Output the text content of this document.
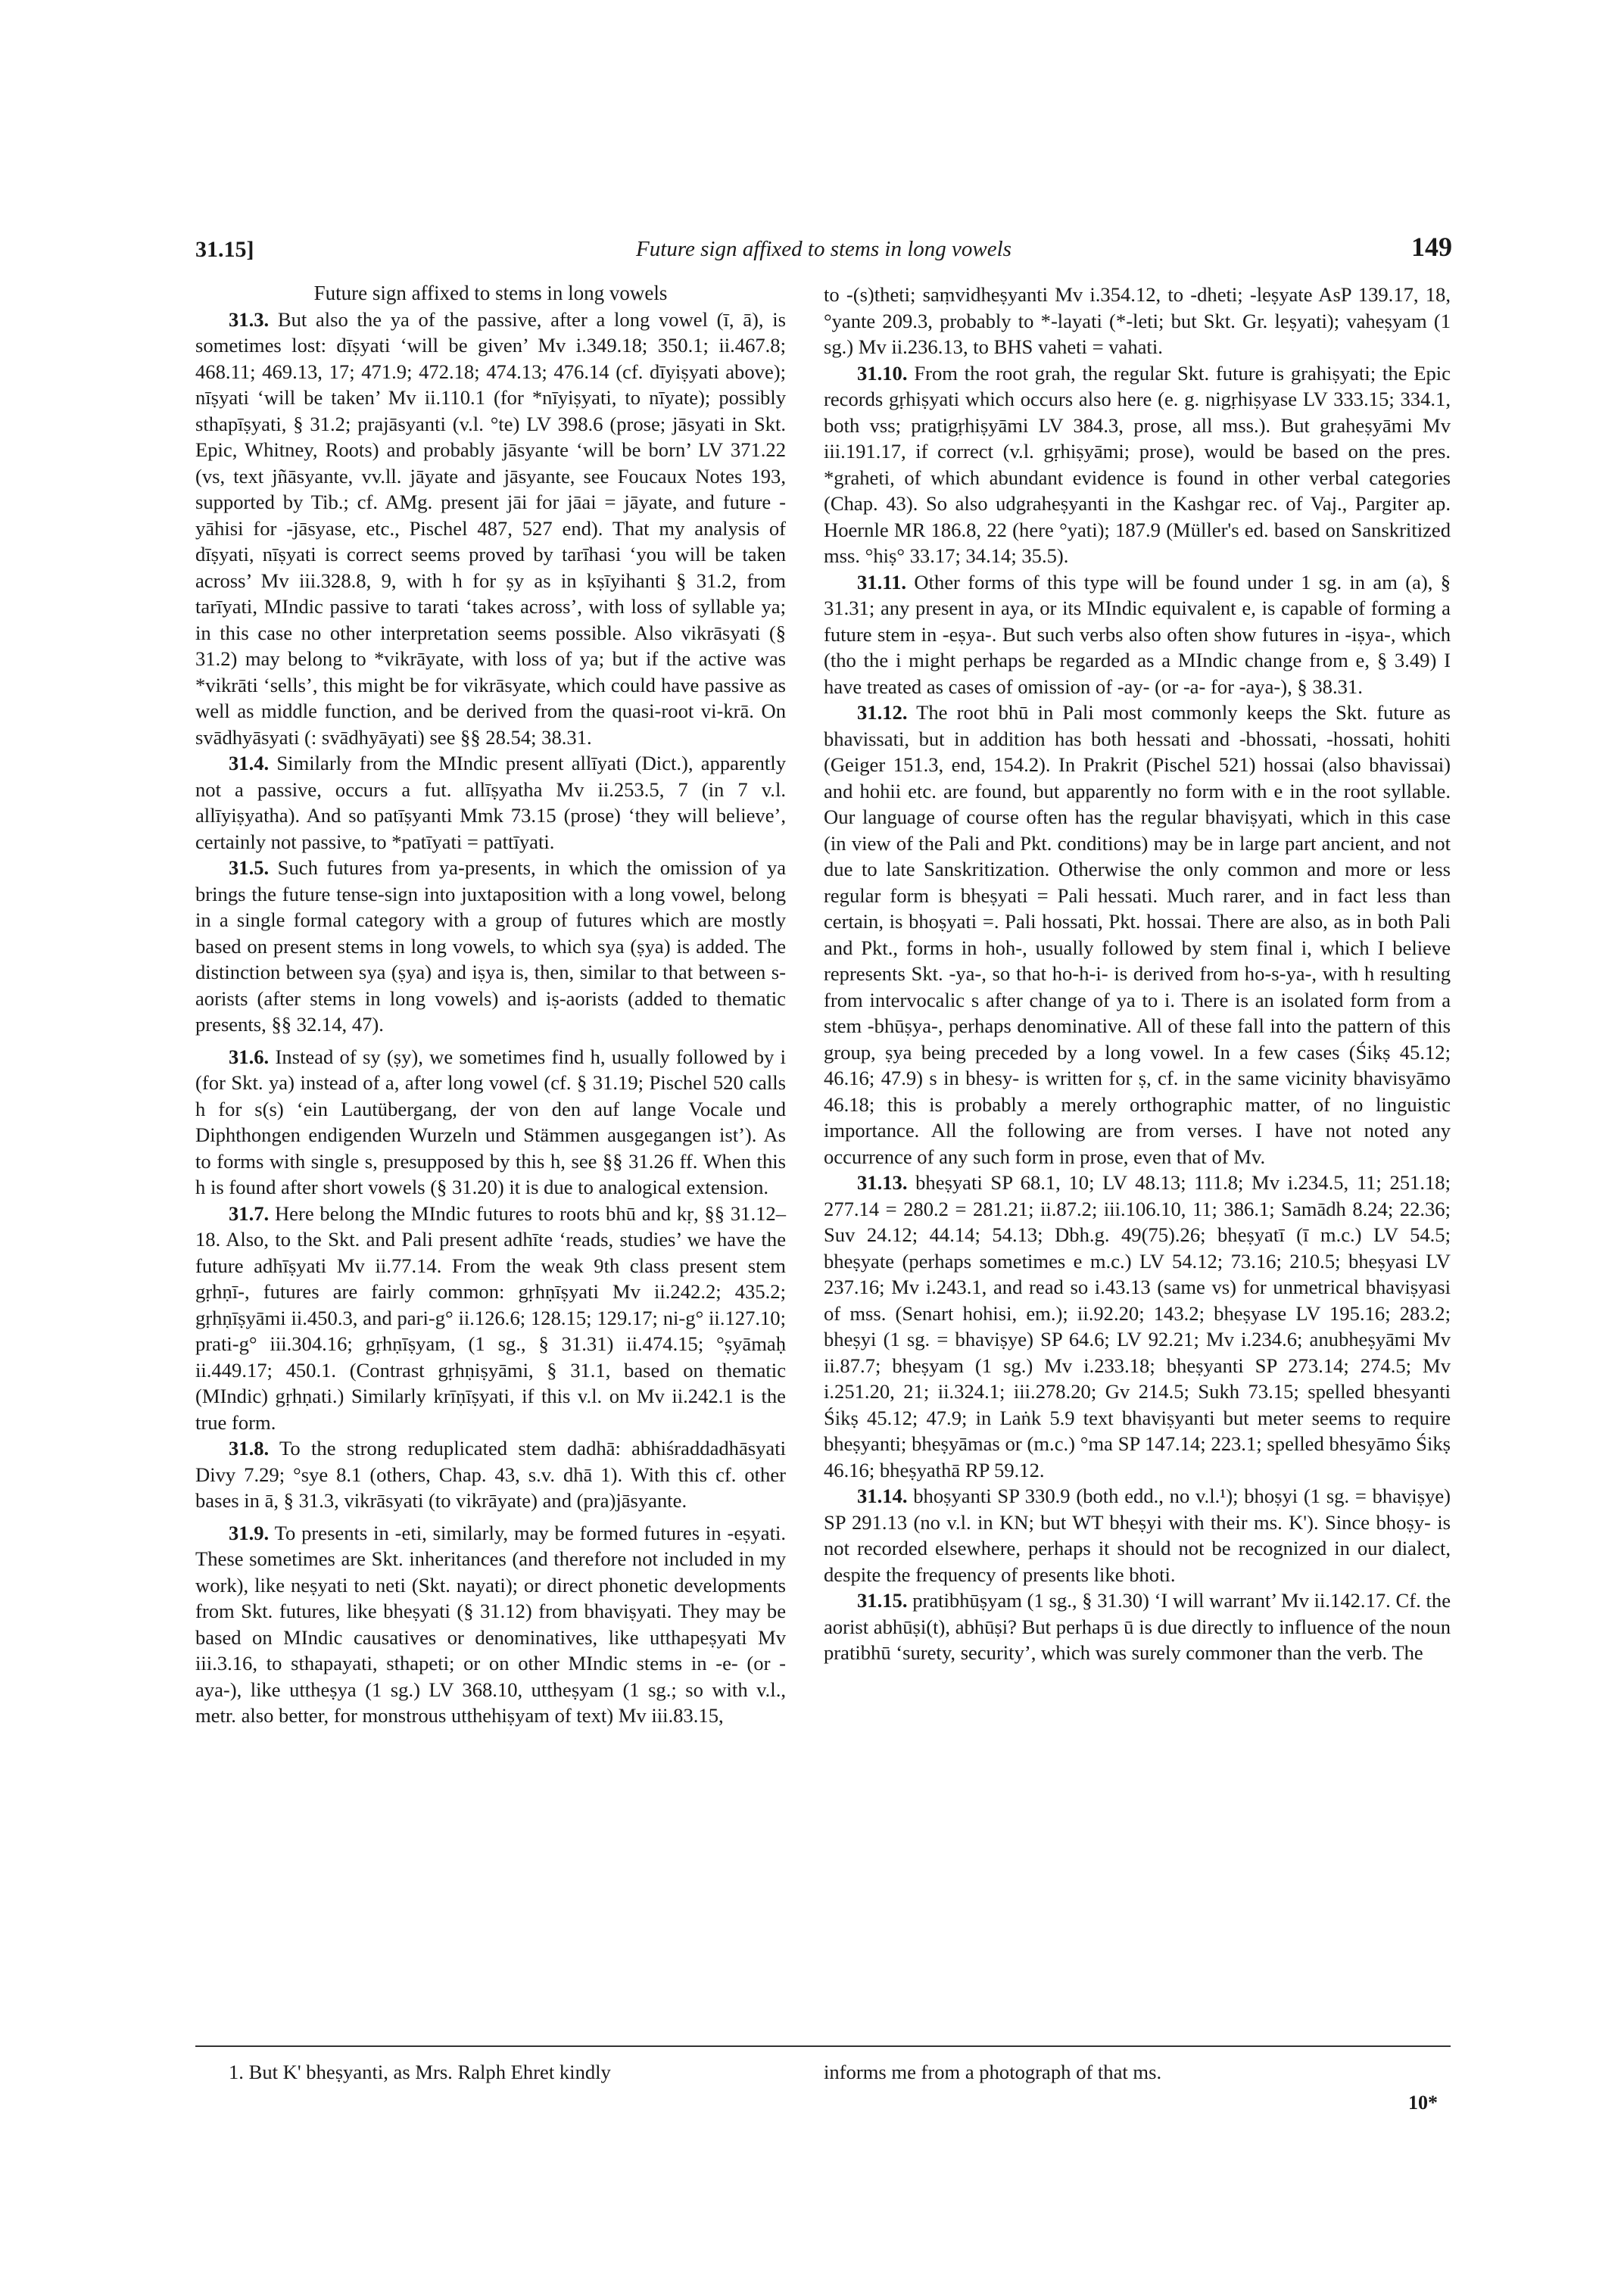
31.15]	Future sign affixed to stems in long vowels	149

Future sign affixed to stems in long vowels

31.3. But also the ya of the passive, after a long vowel (ī, ā), is sometimes lost: dīṣyati ‘will be given’ Mv i.349.18; 350.1; ii.467.8; 468.11; 469.13, 17; 471.9; 472.18; 474.13; 476.14 (cf. dīyiṣyati above); nīṣyati ‘will be taken’ Mv ii.110.1 (for *nīyiṣyati, to nīyate); possibly sthapīṣyati, § 31.2; prajāsyanti (v.l. °te) LV 398.6 (prose; jāsyati in Skt. Epic, Whitney, Roots) and probably jāsyante ‘will be born’ LV 371.22 (vs, text jñāsyante, vv.ll. jāyate and jāsyante, see Foucaux Notes 193, supported by Tib.; cf. AMg. present jāi for jāai = jāyate, and future -yāhisi for -jāsyase, etc., Pischel 487, 527 end). That my analysis of dīṣyati, nīṣyati is correct seems proved by tarīhasi ‘you will be taken across’ Mv iii.328.8, 9, with h for ṣy as in kṣīyihanti § 31.2, from tarīyati, MIndic passive to tarati ‘takes across’, with loss of syllable ya; in this case no other interpretation seems possible. Also vikrāsyati (§ 31.2) may belong to *vikrāyate, with loss of ya; but if the active was *vikrāti ‘sells’, this might be for vikrāsyate, which could have passive as well as middle function, and be derived from the quasi-root vi-krā. On svādhyāsyati (: svādhyāyati) see §§ 28.54; 38.31.

31.4. Similarly from the MIndic present allīyati (Dict.), apparently not a passive, occurs a fut. allīṣyatha Mv ii.253.5, 7 (in 7 v.l. allīyiṣyatha). And so patīṣyanti Mmk 73.15 (prose) ‘they will believe’, certainly not passive, to *patīyati = pattīyati.

31.5. Such futures from ya-presents, in which the omission of ya brings the future tense-sign into juxtaposition with a long vowel, belong in a single formal category with a group of futures which are mostly based on present stems in long vowels, to which sya (ṣya) is added. The distinction between sya (ṣya) and iṣya is, then, similar to that between s-aorists (after stems in long vowels) and iṣ-aorists (added to thematic presents, §§ 32.14, 47).

31.6. Instead of sy (ṣy), we sometimes find h, usually followed by i (for Skt. ya) instead of a, after long vowel (cf. § 31.19; Pischel 520 calls h for s(s) ‘ein Lautübergang, der von den auf lange Vocale und Diphthongen endigenden Wurzeln und Stämmen ausgegangen ist’). As to forms with single s, presupposed by this h, see §§ 31.26 ff. When this h is found after short vowels (§ 31.20) it is due to analogical extension.

31.7. Here belong the MIndic futures to roots bhū and kṛ, §§ 31.12–18. Also, to the Skt. and Pali present adhīte ‘reads, studies’ we have the future adhīṣyati Mv ii.77.14. From the weak 9th class present stem gṛhṇī-, futures are fairly common: gṛhṇīṣyati Mv ii.242.2; 435.2; gṛhṇīṣyāmi ii.450.3, and pari-g° ii.126.6; 128.15; 129.17; ni-g° ii.127.10; prati-g° iii.304.16; gṛhṇīṣyam, (1 sg., § 31.31) ii.474.15; °ṣyāmaḥ ii.449.17; 450.1. (Contrast gṛhṇiṣyāmi, § 31.1, based on thematic (MIndic) gṛhṇati.) Similarly krīṇīṣyati, if this v.l. on Mv ii.242.1 is the true form.

31.8. To the strong reduplicated stem dadhā: abhiśraddadhāsyati Divy 7.29; °sye 8.1 (others, Chap. 43, s.v. dhā 1). With this cf. other bases in ā, § 31.3, vikrāsyati (to vikrāyate) and (pra)jāsyante.

31.9. To presents in -eti, similarly, may be formed futures in -eṣyati. These sometimes are Skt. inheritances (and therefore not included in my work), like neṣyati to neti (Skt. nayati); or direct phonetic developments from Skt. futures, like bheṣyati (§ 31.12) from bhaviṣyati. They may be based on MIndic causatives or denominatives, like utthapeṣyati Mv iii.3.16, to sthapayati, sthapeti; or on other MIndic stems in -e- (or -aya-), like uttheṣya (1 sg.) LV 368.10, uttheṣyam (1 sg.; so with v.l., metr. also better, for monstrous utthehiṣyam of text) Mv iii.83.15,

to -(s)theti; saṃvidheṣyanti Mv i.354.12, to -dheti; -leṣyate AsP 139.17, 18, °yante 209.3, probably to *-layati (*-leti; but Skt. Gr. leṣyati); vaheṣyam (1 sg.) Mv ii.236.13, to BHS vaheti = vahati.

31.10. From the root grah, the regular Skt. future is grahiṣyati; the Epic records gṛhiṣyati which occurs also here (e. g. nigṛhiṣyase LV 333.15; 334.1, both vss; pratigṛhiṣyāmi LV 384.3, prose, all mss.). But graheṣyāmi Mv iii.191.17, if correct (v.l. gṛhiṣyāmi; prose), would be based on the pres. *graheti, of which abundant evidence is found in other verbal categories (Chap. 43). So also udgraheṣyanti in the Kashgar rec. of Vaj., Pargiter ap. Hoernle MR 186.8, 22 (here °yati); 187.9 (Müller's ed. based on Sanskritized mss. °hiṣ° 33.17; 34.14; 35.5).

31.11. Other forms of this type will be found under 1 sg. in am (a), § 31.31; any present in aya, or its MIndic equivalent e, is capable of forming a future stem in -eṣya-. But such verbs also often show futures in -iṣya-, which (tho the i might perhaps be regarded as a MIndic change from e, § 3.49) I have treated as cases of omission of -ay- (or -a- for -aya-), § 38.31.

31.12. The root bhū in Pali most commonly keeps the Skt. future as bhavissati, but in addition has both hessati and -bhossati, -hossati, hohiti (Geiger 151.3, end, 154.2). In Prakrit (Pischel 521) hossai (also bhavissai) and hohii etc. are found, but apparently no form with e in the root syllable. Our language of course often has the regular bhaviṣyati, which in this case (in view of the Pali and Pkt. conditions) may be in large part ancient, and not due to late Sanskritization. Otherwise the only common and more or less regular form is bheṣyati = Pali hessati. Much rarer, and in fact less than certain, is bhoṣyati =. Pali hossati, Pkt. hossai. There are also, as in both Pali and Pkt., forms in hoh-, usually followed by stem final i, which I believe represents Skt. -ya-, so that ho-h-i- is derived from ho-s-ya-, with h resulting from intervocalic s after change of ya to i. There is an isolated form from a stem -bhūṣya-, perhaps denominative. All of these fall into the pattern of this group, ṣya being preceded by a long vowel. In a few cases (Śikṣ 45.12; 46.16; 47.9) s in bhesy- is written for ṣ, cf. in the same vicinity bhavisyāmo 46.18; this is probably a merely orthographic matter, of no linguistic importance. All the following are from verses. I have not noted any occurrence of any such form in prose, even that of Mv.

31.13. bheṣyati SP 68.1, 10; LV 48.13; 111.8; Mv i.234.5, 11; 251.18; 277.14 = 280.2 = 281.21; ii.87.2; iii.106.10, 11; 386.1; Samādh 8.24; 22.36; Suv 24.12; 44.14; 54.13; Dbh.g. 49(75).26; bheṣyatī (ī m.c.) LV 54.5; bheṣyate (perhaps sometimes e m.c.) LV 54.12; 73.16; 210.5; bheṣyasi LV 237.16; Mv i.243.1, and read so i.43.13 (same vs) for unmetrical bhaviṣyasi of mss. (Senart hohisi, em.); ii.92.20; 143.2; bheṣyase LV 195.16; 283.2; bheṣyi (1 sg. = bhaviṣye) SP 64.6; LV 92.21; Mv i.234.6; anubheṣyāmi Mv ii.87.7; bheṣyam (1 sg.) Mv i.233.18; bheṣyanti SP 273.14; 274.5; Mv i.251.20, 21; ii.324.1; iii.278.20; Gv 214.5; Sukh 73.15; spelled bhesyanti Śikṣ 45.12; 47.9; in Laṅk 5.9 text bhaviṣyanti but meter seems to require bheṣyanti; bheṣyāmas or (m.c.) °ma SP 147.14; 223.1; spelled bhesyāmo Śikṣ 46.16; bheṣyathā RP 59.12.

31.14. bhoṣyanti SP 330.9 (both edd., no v.l.¹); bhoṣyi (1 sg. = bhaviṣye) SP 291.13 (no v.l. in KN; but WT bheṣyi with their ms. K'). Since bhoṣy- is not recorded elsewhere, perhaps it should not be recognized in our dialect, despite the frequency of presents like bhoti.

31.15. pratibhūṣyam (1 sg., § 31.30) ‘I will warrant’ Mv ii.142.17. Cf. the aorist abhūṣi(t), abhūṣi? But perhaps ū is due directly to influence of the noun pratibhū ‘surety, security’, which was surely commoner than the verb. The

1. But K' bheṣyanti, as Mrs. Ralph Ehret kindly	informs me from a photograph of that ms.
10*
